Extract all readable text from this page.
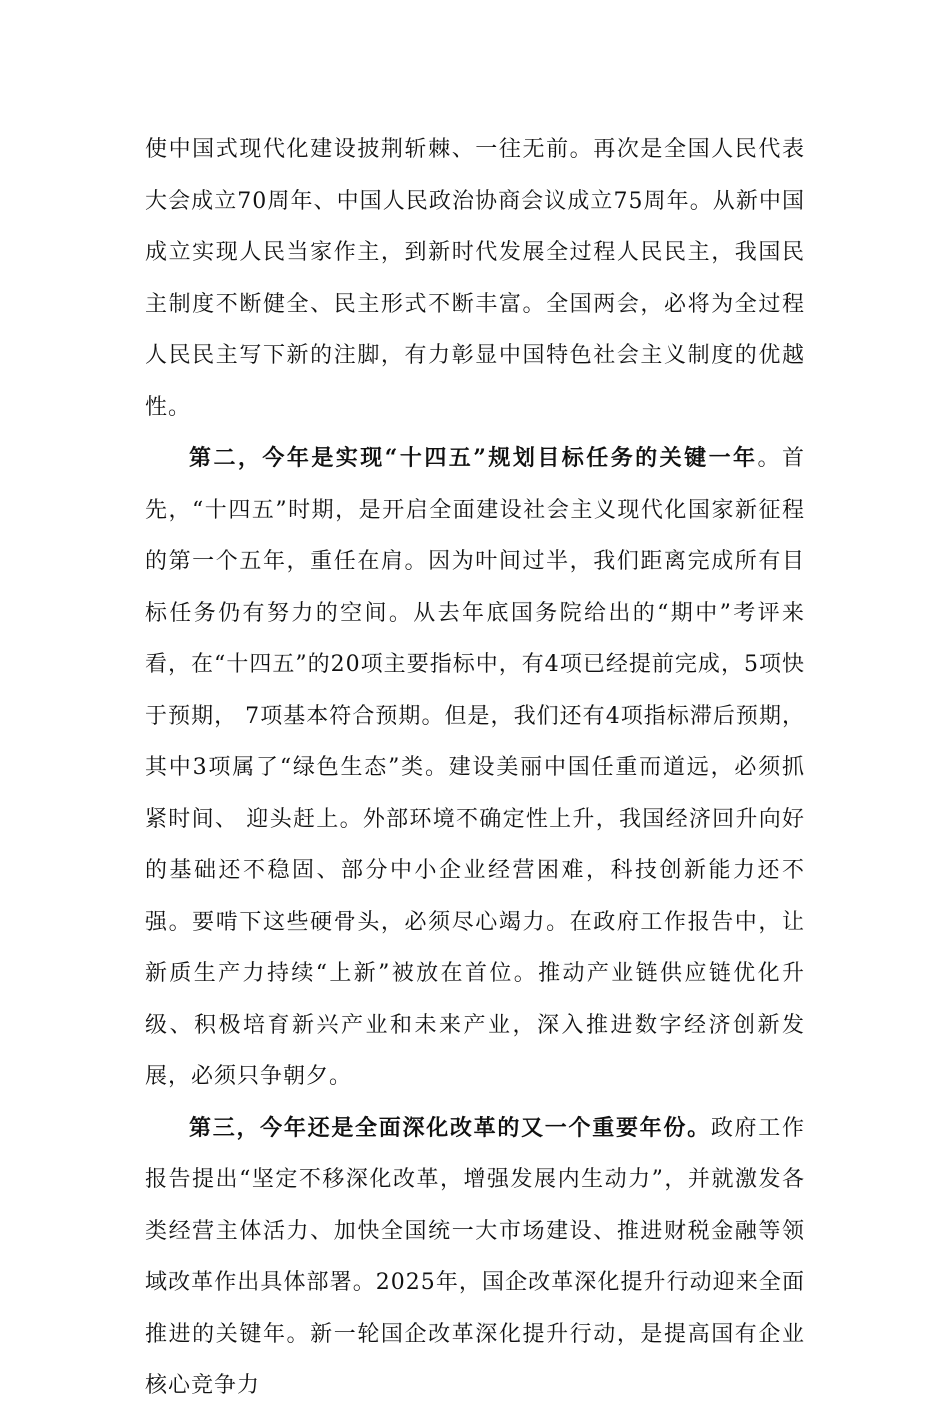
使中国式现代化建设披荆斩棘、一往无前。再次是全国人民代表大会成立70周年、中国人民政治协商会议成立75周年。从新中国成立实现人民当家作主，到新时代发展全过程人民民主，我国民主制度不断健全、民主形式不断丰富。全国两会，必将为全过程人民民主写下新的注脚，有力彰显中国特色社会主义制度的优越性。

第二，今年是实现“十四五”规划目标任务的关键一年。首先，“十四五”时期，是开启全面建设社会主义现代化国家新征程的第一个五年，重任在肩。因为叶间过半，我们距离完成所有目标任务仍有努力的空间。从去年底国务院给出的“期中”考评来看，在“十四五”的20项主要指标中，有4项已经提前完成，5项快于预期， 7项基本符合预期。但是，我们还有4项指标滞后预期，其中3项属了“绿色生态”类。建设美丽中国任重而道远，必须抓紧时间、 迎头赶上。外部环境不确定性上升，我国经济回升向好的基础还不稳固、部分中小企业经营困难，科技创新能力还不强。要啃下这些硬骨头，必须尽心竭力。在政府工作报告中，让新质生产力持续“上新”被放在首位。推动产业链供应链优化升级、积极培育新兴产业和未来产业，深入推进数字经济创新发展，必须只争朝夕。

第三，今年还是全面深化改革的又一个重要年份。政府工作报告提出“坚定不移深化改革，增强发展内生动力”，并就激发各类经营主体活力、加快全国统一大市场建设、推进财税金融等领域改革作出具体部署。2025年，国企改革深化提升行动迎来全面推进的关键年。新一轮国企改革深化提升行动，是提高国有企业核心竞争力
